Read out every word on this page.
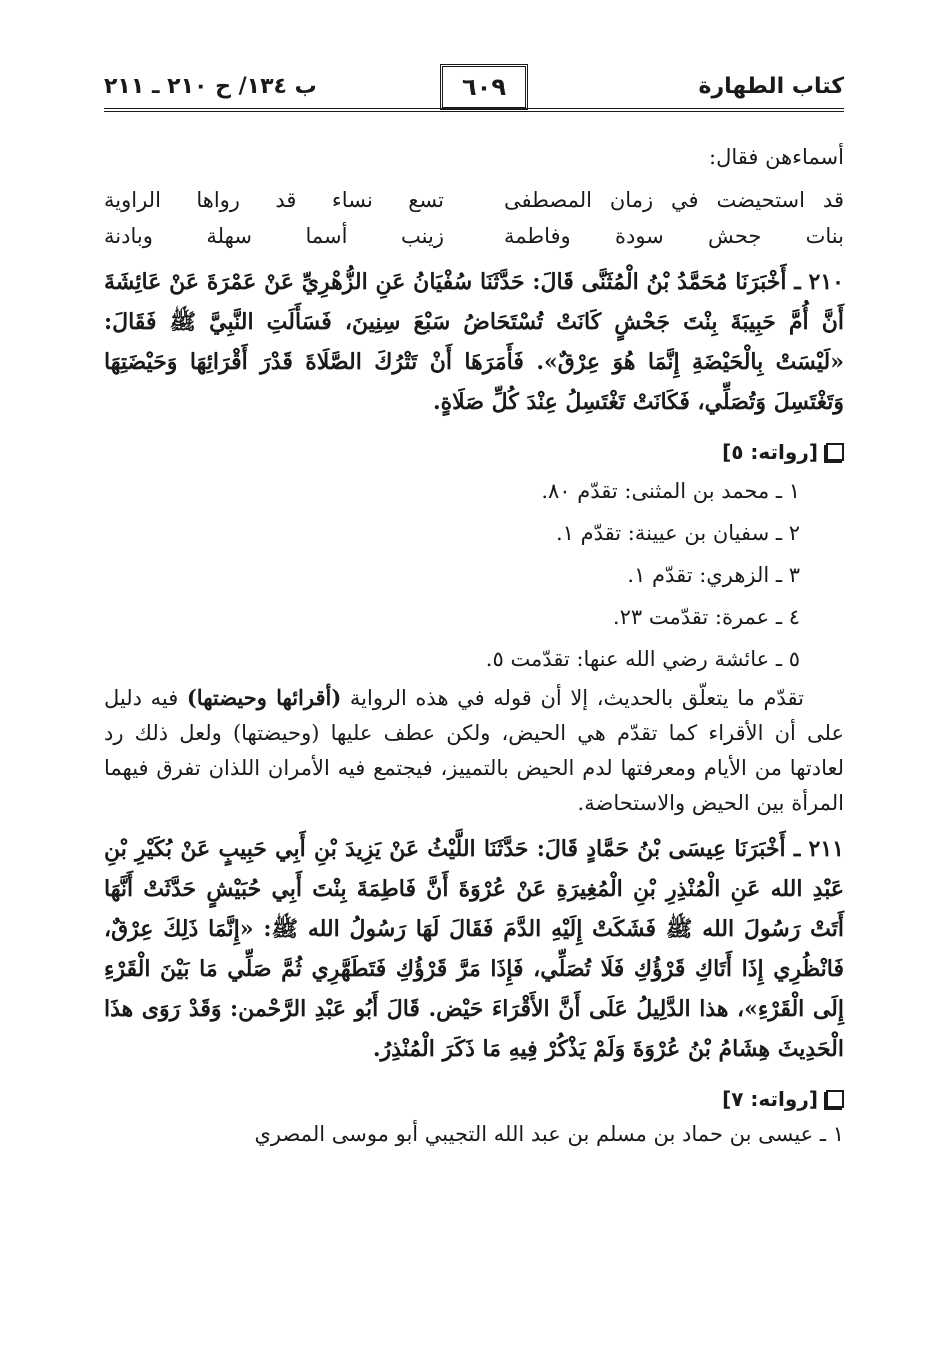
كتاب الطهارة
٦٠٩
ب ١٣٤/ ح ٢١٠ ـ ٢١١

أسماءهن فقال:

قد استحيضت في زمان المصطفى
تسع نساء قد رواها الراوية
بنات جحش سودة وفاطمة
زينب أسما سهلة وبادنة

٢١٠ ـ أَخْبَرَنَا مُحَمَّدُ بْنُ الْمُثَنَّى قَالَ: حَدَّثَنَا سُفْيَانُ عَنِ الزُّهْرِيِّ عَنْ عَمْرَةَ عَنْ عَائِشَةَ أَنَّ أُمَّ حَبِيبَةَ بِنْتَ جَحْشٍ كَانَتْ تُسْتَحَاضُ سَبْعَ سِنِينَ، فَسَأَلَتِ النَّبِيَّ ﷺ فَقَالَ: «لَيْسَتْ بِالْحَيْضَةِ إِنَّمَا هُوَ عِرْقٌ». فَأَمَرَهَا أَنْ تَتْرُكَ الصَّلَاةَ قَدْرَ أَقْرَائِهَا وَحَيْضَتِهَا وَتَغْتَسِلَ وَتُصَلِّي، فَكَانَتْ تَغْتَسِلُ عِنْدَ كُلِّ صَلَاةٍ.

[رواته: ٥]
١ ـ محمد بن المثنى: تقدّم ٨٠.
٢ ـ سفيان بن عيينة: تقدّم ١.
٣ ـ الزهري: تقدّم ١.
٤ ـ عمرة: تقدّمت ٢٣.
٥ ـ عائشة رضي الله عنها: تقدّمت ٥.

تقدّم ما يتعلّق بالحديث، إلا أن قوله في هذه الرواية (أقرائها وحيضتها) فيه دليل على أن الأقراء كما تقدّم هي الحيض، ولكن عطف عليها (وحيضتها) ولعل ذلك رد لعادتها من الأيام ومعرفتها لدم الحيض بالتمييز، فيجتمع فيه الأمران اللذان تفرق فيهما المرأة بين الحيض والاستحاضة.

٢١١ ـ أَخْبَرَنَا عِيسَى بْنُ حَمَّادٍ قَالَ: حَدَّثَنَا اللَّيْثُ عَنْ يَزِيدَ بْنِ أَبِي حَبِيبٍ عَنْ بُكَيْرِ بْنِ عَبْدِ الله عَنِ الْمُنْذِرِ بْنِ الْمُغِيرَةِ عَنْ عُرْوَةَ أَنَّ فَاطِمَةَ بِنْتَ أَبِي حُبَيْشٍ حَدَّثَتْ أَنَّهَا أَتَتْ رَسُولَ الله ﷺ فَشَكَتْ إِلَيْهِ الدَّمَ فَقَالَ لَهَا رَسُولُ الله ﷺ: «إِنَّمَا ذَلِكَ عِرْقٌ، فَانْظُرِي إِذَا أَتَاكِ قَرْؤُكِ فَلَا تُصَلِّي، فَإِذَا مَرَّ قَرْؤُكِ فَتَطَهَّرِي ثُمَّ صَلِّي مَا بَيْنَ الْقَرْءِ إِلَى الْقَرْءِ»، هذا الدَّلِيلُ عَلَى أَنَّ الأَقْرَاءَ حَيْض. قَالَ أَبُو عَبْدِ الرَّحْمن: وَقَدْ رَوَى هذَا الْحَدِيثَ هِشَامُ بْنُ عُرْوَةَ وَلَمْ يَذْكُرْ فِيهِ مَا ذَكَرَ الْمُنْذِرُ.

[رواته: ٧]

١ ـ عيسى بن حماد بن مسلم بن عبد الله التجيبي أبو موسى المصري
